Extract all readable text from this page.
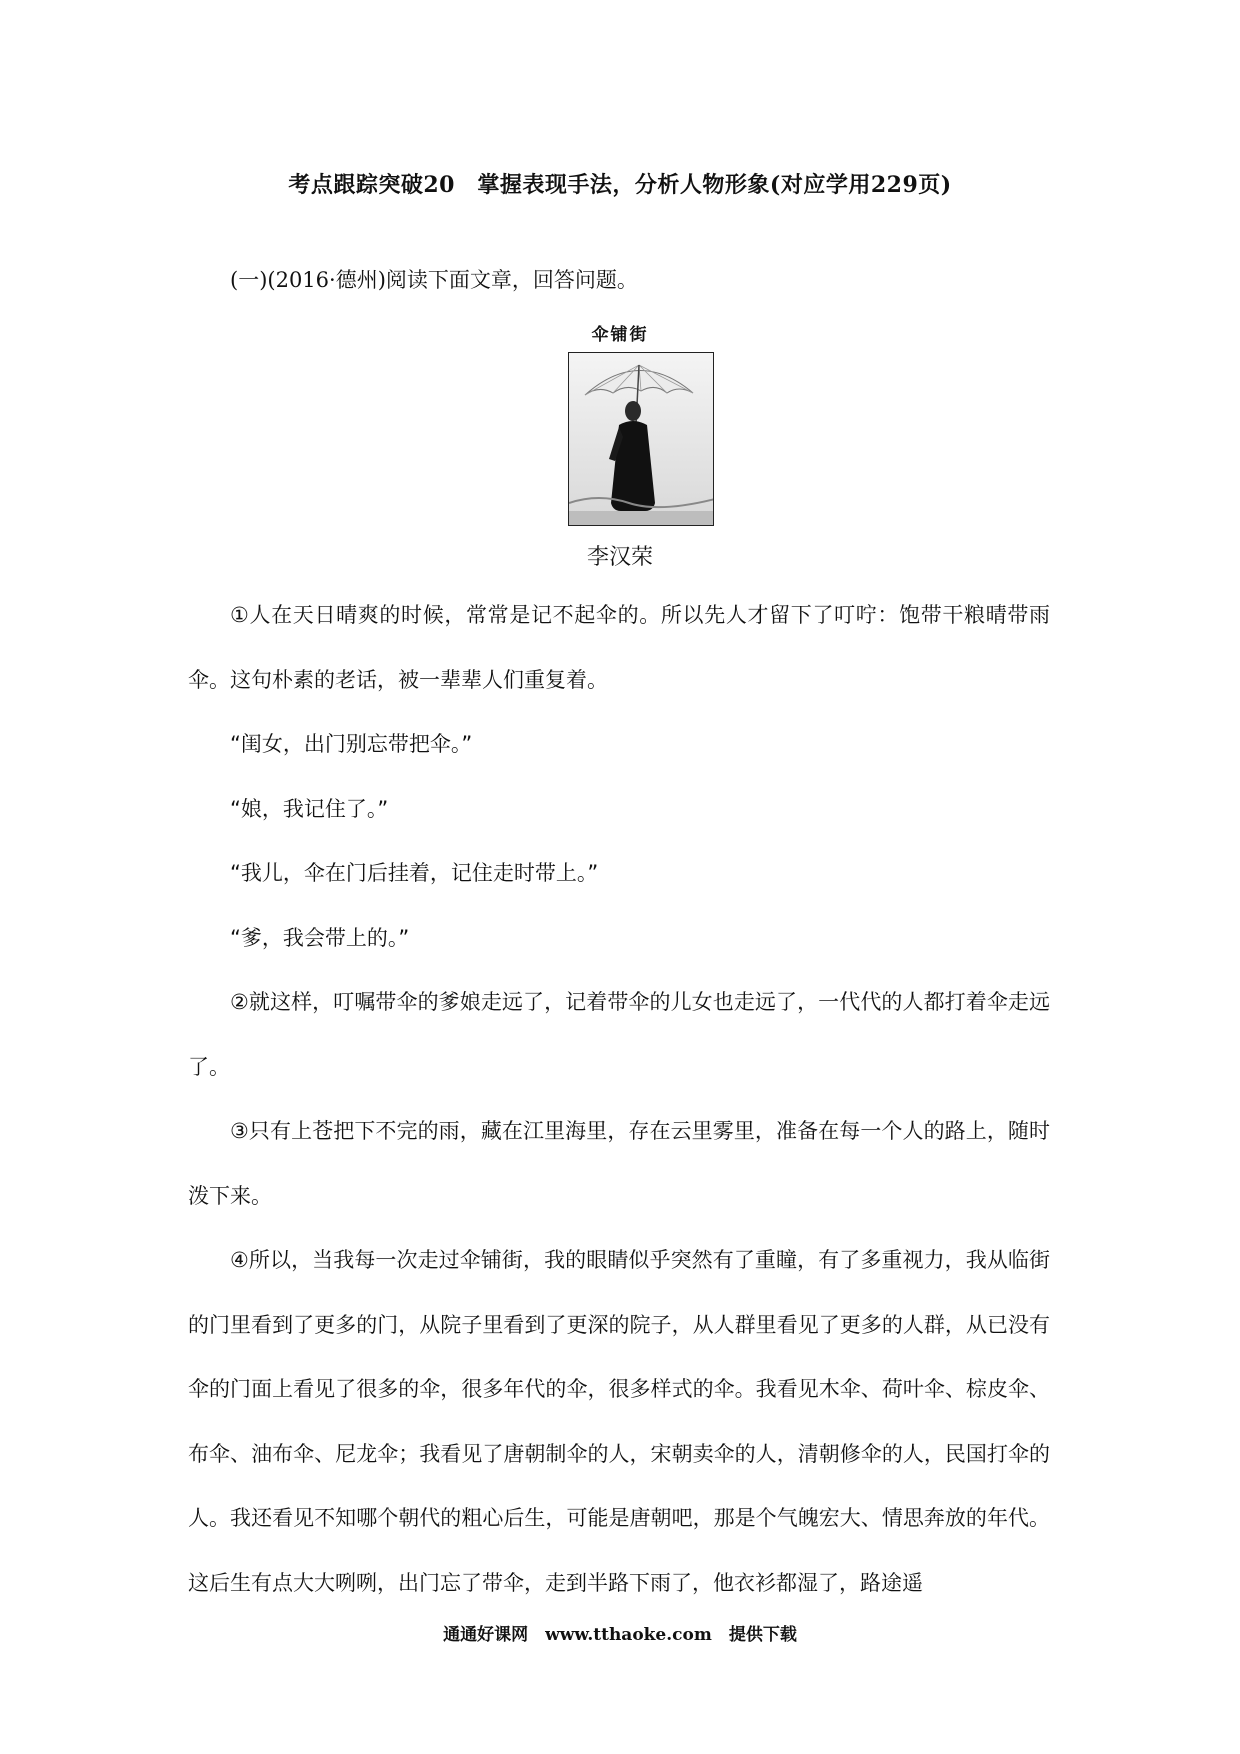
考点跟踪突破20　掌握表现手法，分析人物形象(对应学用229页)
(一)(2016·德州)阅读下面文章，回答问题。
伞铺街
李汉荣

①人在天日晴爽的时候，常常是记不起伞的。所以先人才留下了叮咛：饱带干粮晴带雨伞。这句朴素的老话，被一辈辈人们重复着。

“闺女，出门别忘带把伞。”

“娘，我记住了。”

“我儿，伞在门后挂着，记住走时带上。”

“爹，我会带上的。”

②就这样，叮嘱带伞的爹娘走远了，记着带伞的儿女也走远了，一代代的人都打着伞走远了。

③只有上苍把下不完的雨，藏在江里海里，存在云里雾里，准备在每一个人的路上，随时泼下来。

④所以，当我每一次走过伞铺街，我的眼睛似乎突然有了重瞳，有了多重视力，我从临街的门里看到了更多的门，从院子里看到了更深的院子，从人群里看见了更多的人群，从已没有伞的门面上看见了很多的伞，很多年代的伞，很多样式的伞。我看见木伞、荷叶伞、棕皮伞、布伞、油布伞、尼龙伞；我看见了唐朝制伞的人，宋朝卖伞的人，清朝修伞的人，民国打伞的人。我还看见不知哪个朝代的粗心后生，可能是唐朝吧，那是个气魄宏大、情思奔放的年代。这后生有点大大咧咧，出门忘了带伞，走到半路下雨了，他衣衫都湿了，路途遥

通通好课网　www.tthaoke.com　提供下载
